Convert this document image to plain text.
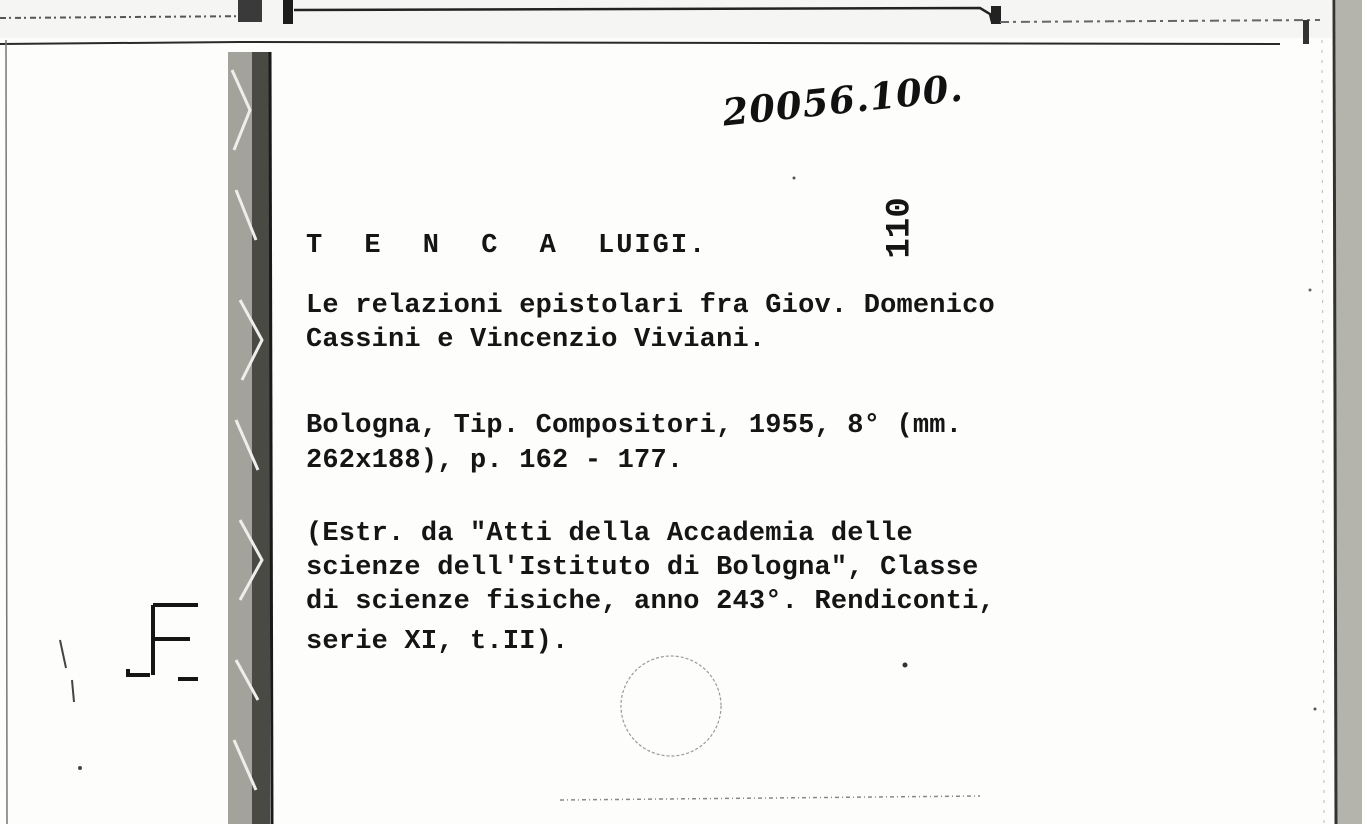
20056.100.
110
T E N C A LUIGI.
Le relazioni epistolari fra Giov. Domenico
Cassini e Vincenzio Viviani.
Bologna, Tip. Compositori, 1955, 8° (mm.
262x188), p. 162 - 177.
(Estr. da "Atti della Accademia delle
scienze dell'Istituto di Bologna", Classe
di scienze fisiche, anno 243°. Rendiconti,
serie XI, t.II).
